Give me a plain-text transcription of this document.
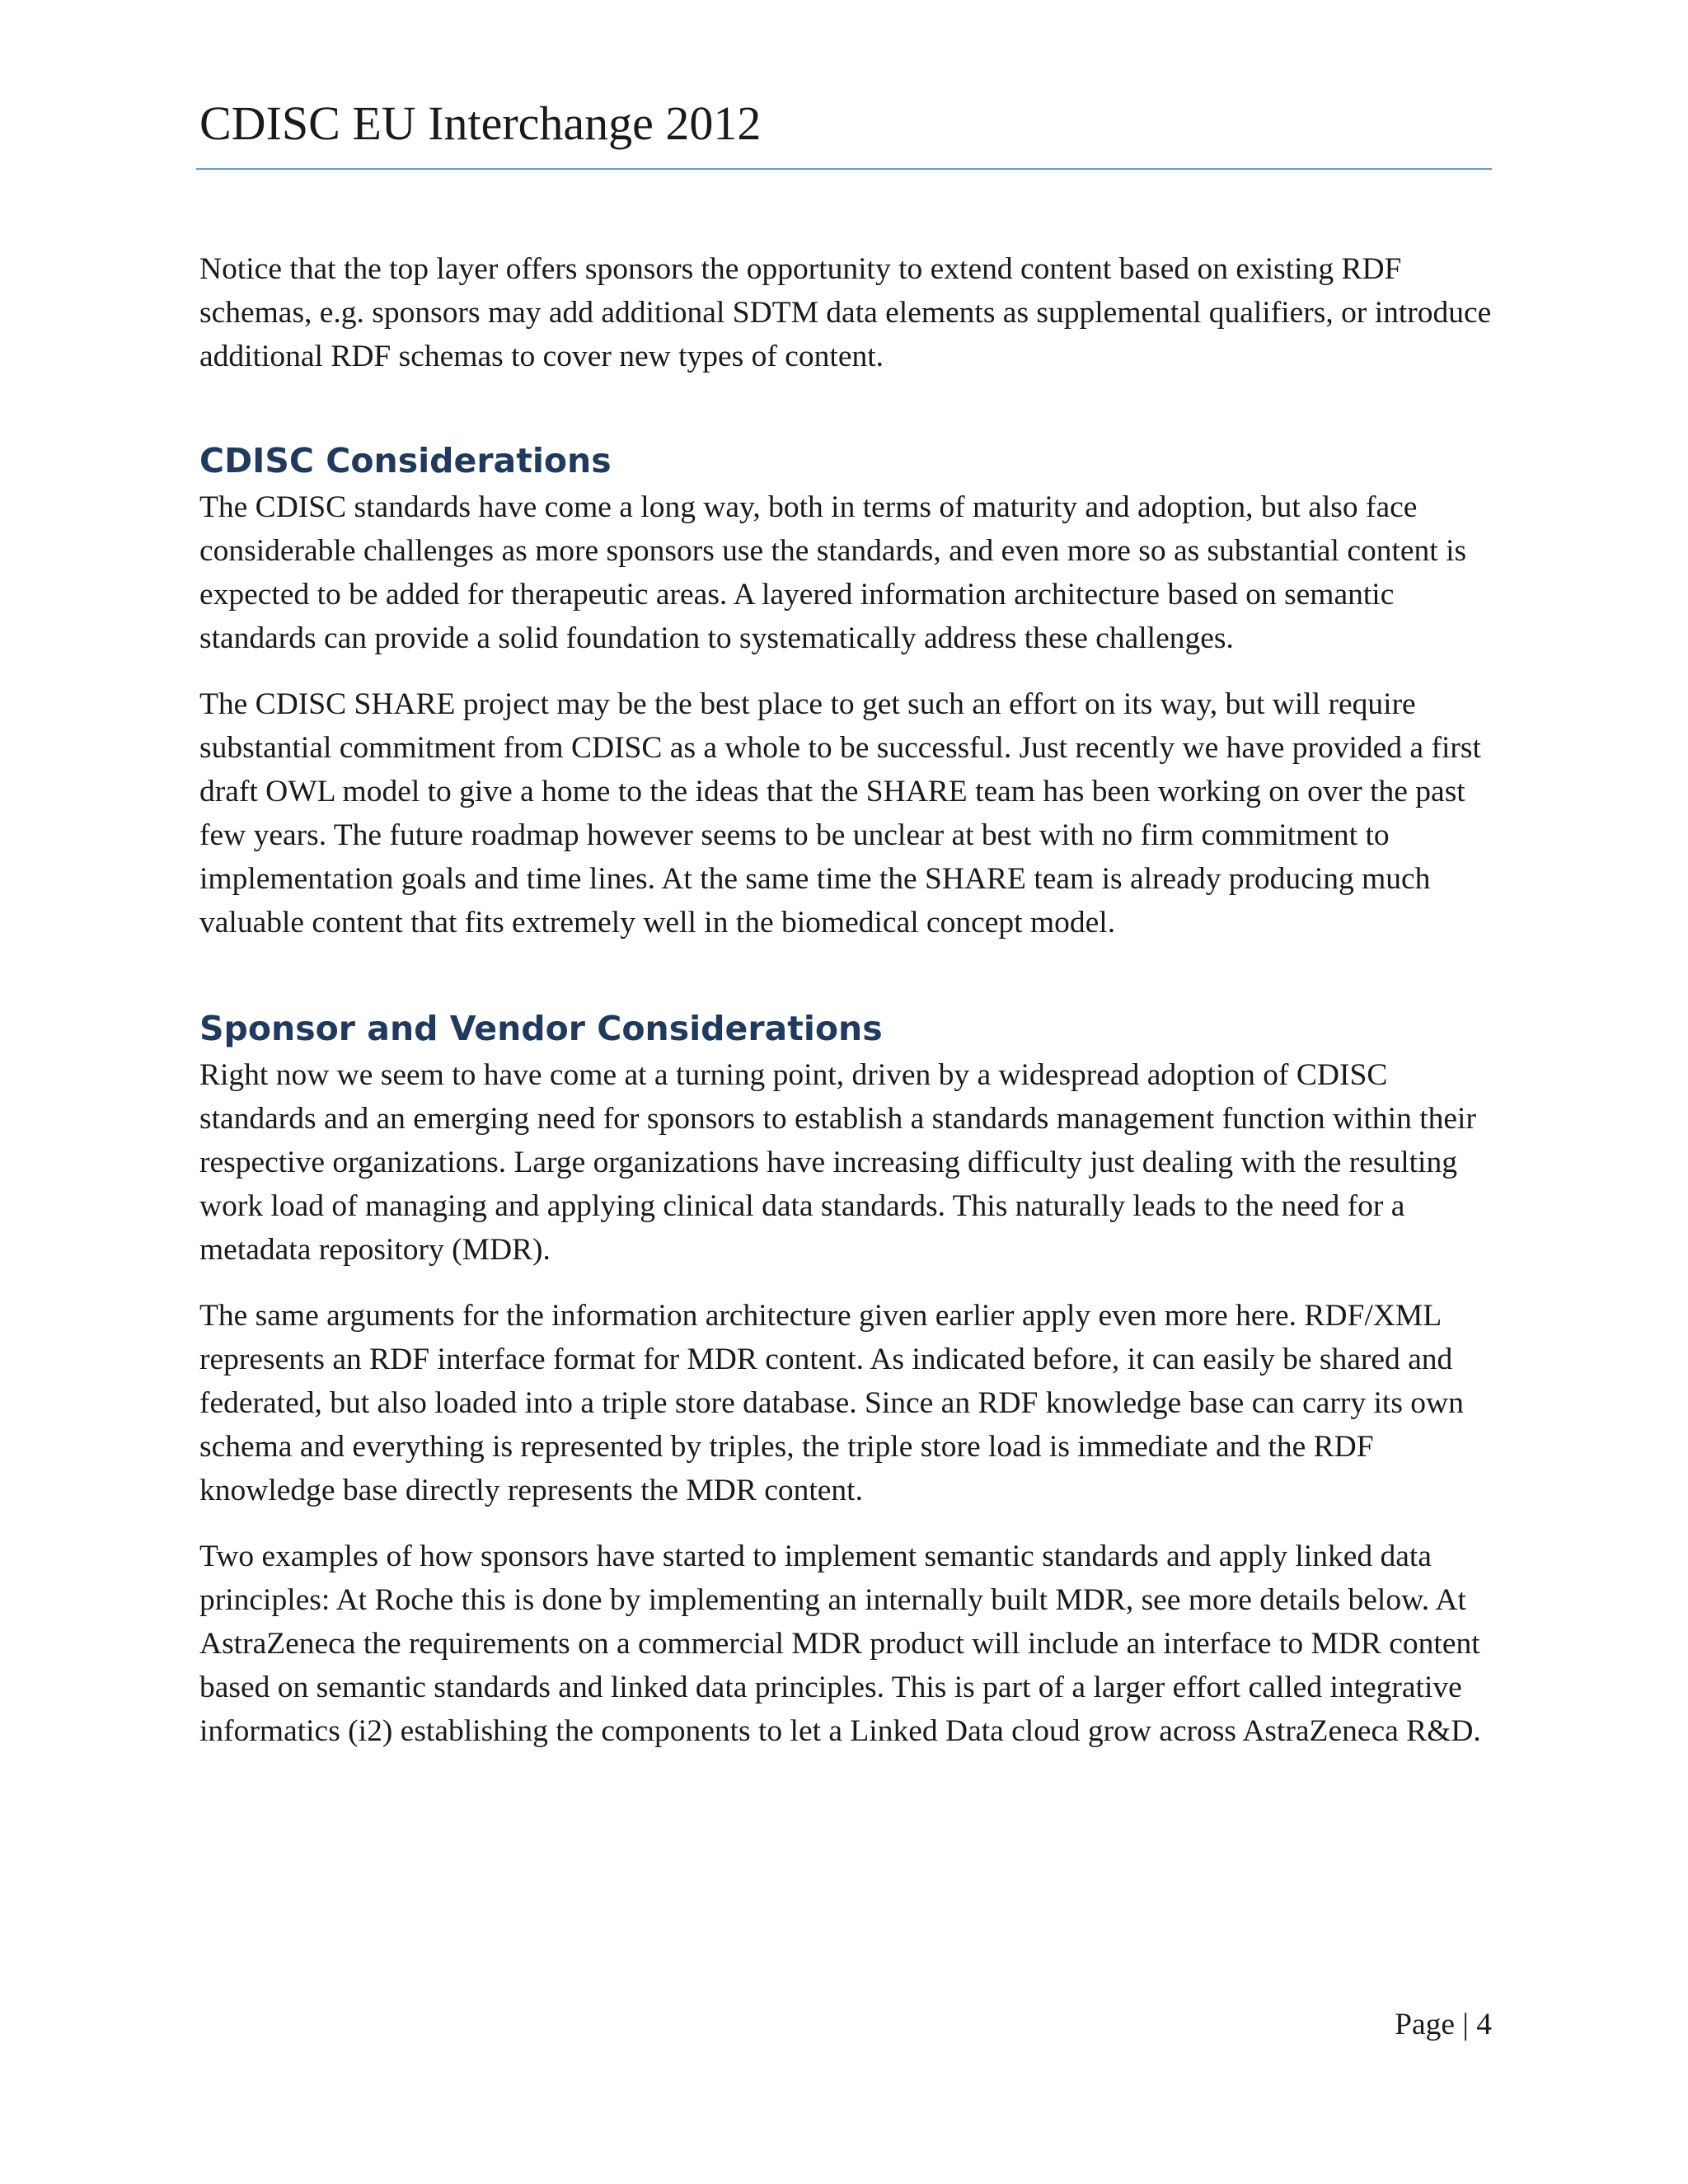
CDISC EU Interchange 2012

Notice that the top layer offers sponsors the opportunity to extend content based on existing RDF schemas, e.g. sponsors may add additional SDTM data elements as supplemental qualifiers, or introduce additional RDF schemas to cover new types of content.

CDISC Considerations

The CDISC standards have come a long way, both in terms of maturity and adoption, but also face considerable challenges as more sponsors use the standards, and even more so as substantial content is expected to be added for therapeutic areas. A layered information architecture based on semantic standards can provide a solid foundation to systematically address these challenges.

The CDISC SHARE project may be the best place to get such an effort on its way, but will require substantial commitment from CDISC as a whole to be successful. Just recently we have provided a first draft OWL model to give a home to the ideas that the SHARE team has been working on over the past few years. The future roadmap however seems to be unclear at best with no firm commitment to implementation goals and time lines. At the same time the SHARE team is already producing much valuable content that fits extremely well in the biomedical concept model.

Sponsor and Vendor Considerations

Right now we seem to have come at a turning point, driven by a widespread adoption of CDISC standards and an emerging need for sponsors to establish a standards management function within their respective organizations. Large organizations have increasing difficulty just dealing with the resulting work load of managing and applying clinical data standards. This naturally leads to the need for a metadata repository (MDR).

The same arguments for the information architecture given earlier apply even more here. RDF/XML represents an RDF interface format for MDR content. As indicated before, it can easily be shared and federated, but also loaded into a triple store database. Since an RDF knowledge base can carry its own schema and everything is represented by triples, the triple store load is immediate and the RDF knowledge base directly represents the MDR content.

Two examples of how sponsors have started to implement semantic standards and apply linked data principles: At Roche this is done by implementing an internally built MDR, see more details below. At AstraZeneca the requirements on a commercial MDR product will include an interface to MDR content based on semantic standards and linked data principles. This is part of a larger effort called integrative informatics (i2) establishing the components to let a Linked Data cloud grow across AstraZeneca R&D.

Page | 4
